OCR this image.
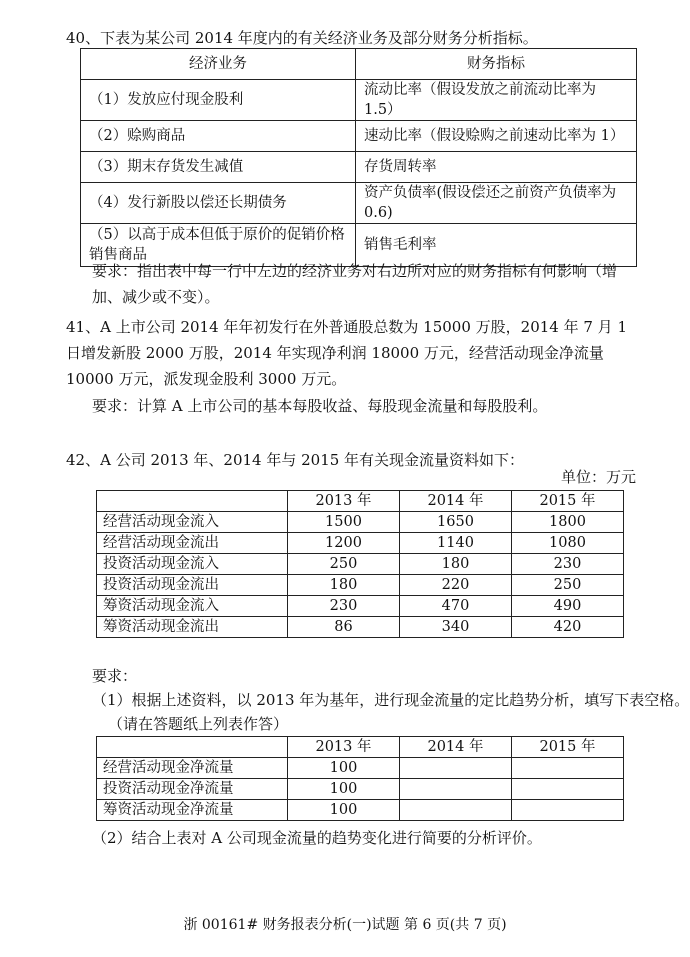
40、下表为某公司 2014 年度内的有关经济业务及部分财务分析指标。
经济业务	财务指标
（1）发放应付现金股利	流动比率（假设发放之前流动比率为 1.5）
（2）赊购商品	速动比率（假设赊购之前速动比率为 1）
（3）期末存货发生减值	存货周转率
（4）发行新股以偿还长期债务	资产负债率(假设偿还之前资产负债率为 0.6)
（5）以高于成本但低于原价的促销价格销售商品	销售毛利率
要求：指出表中每一行中左边的经济业务对右边所对应的财务指标有何影响（增加、减少或不变）。
41、A 上市公司 2014 年年初发行在外普通股总数为 15000 万股，2014 年 7 月 1 日增发新股 2000 万股，2014 年实现净利润 18000 万元，经营活动现金净流量 10000 万元，派发现金股利 3000 万元。
要求：计算 A 上市公司的基本每股收益、每股现金流量和每股股利。
42、A 公司 2013 年、2014 年与 2015 年有关现金流量资料如下：
单位：万元
	2013 年	2014 年	2015 年
经营活动现金流入	1500	1650	1800
经营活动现金流出	1200	1140	1080
投资活动现金流入	250	180	230
投资活动现金流出	180	220	250
筹资活动现金流入	230	470	490
筹资活动现金流出	86	340	420
要求：
（1）根据上述资料，以 2013 年为基年，进行现金流量的定比趋势分析，填写下表空格。
（请在答题纸上列表作答）
	2013 年	2014 年	2015 年
经营活动现金净流量	100		
投资活动现金净流量	100		
筹资活动现金净流量	100		
（2）结合上表对 A 公司现金流量的趋势变化进行简要的分析评价。
浙 00161# 财务报表分析(一)试题 第 6 页(共 7 页)
